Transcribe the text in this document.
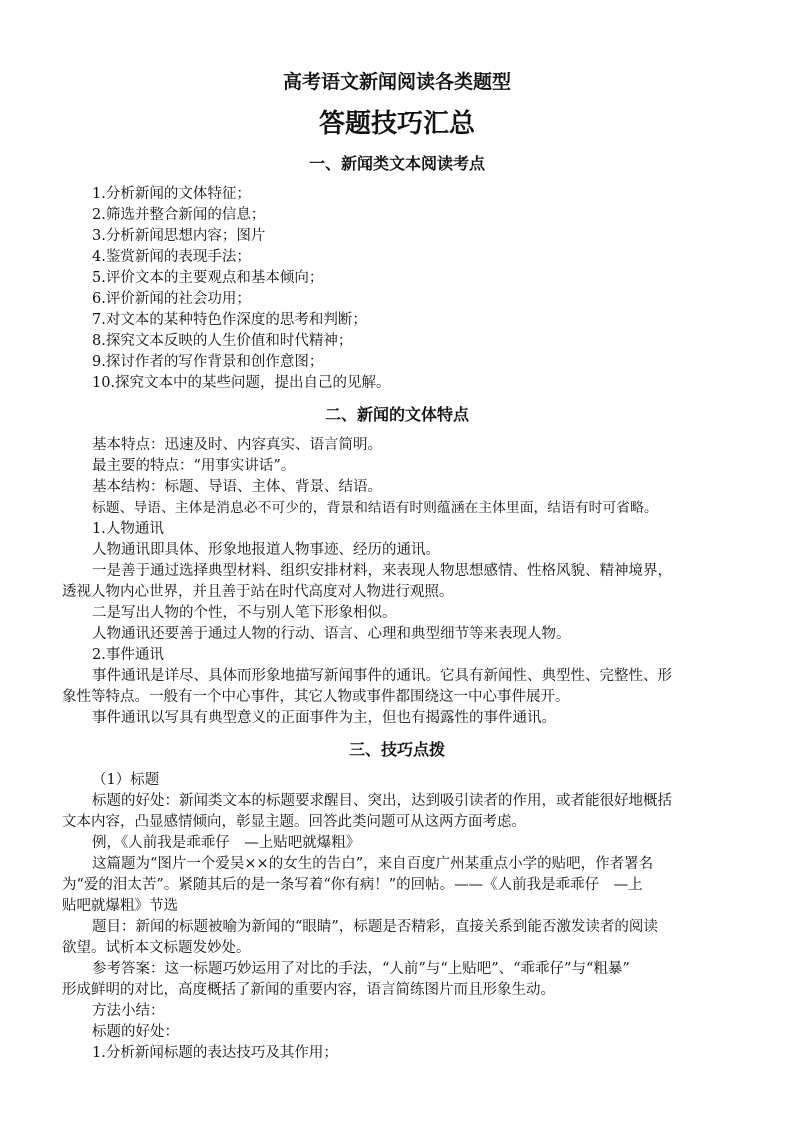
高考语文新闻阅读各类题型
答题技巧汇总
一、新闻类文本阅读考点
1.分析新闻的文体特征；
2.筛选并整合新闻的信息；
3.分析新闻思想内容；图片
4.鉴赏新闻的表现手法；
5.评价文本的主要观点和基本倾向；
6.评价新闻的社会功用；
7.对文本的某种特色作深度的思考和判断；
8.探究文本反映的人生价值和时代精神；
9.探讨作者的写作背景和创作意图；
10.探究文本中的某些问题，提出自己的见解。
二、新闻的文体特点
基本特点：迅速及时、内容真实、语言简明。
最主要的特点：“用事实讲话”。
基本结构：标题、导语、主体、背景、结语。
标题、导语、主体是消息必不可少的，背景和结语有时则蕴涵在主体里面，结语有时可省略。
1.人物通讯
人物通讯即具体、形象地报道人物事迹、经历的通讯。
一是善于通过选择典型材料、组织安排材料，来表现人物思想感情、性格风貌、精神境界，
透视人物内心世界，并且善于站在时代高度对人物进行观照。
二是写出人物的个性，不与别人笔下形象相似。
人物通讯还要善于通过人物的行动、语言、心理和典型细节等来表现人物。
2.事件通讯
事件通讯是详尽、具体而形象地描写新闻事件的通讯。它具有新闻性、典型性、完整性、形
象性等特点。一般有一个中心事件，其它人物或事件都围绕这一中心事件展开。
事件通讯以写具有典型意义的正面事件为主，但也有揭露性的事件通讯。
三、技巧点拨
（1）标题
标题的好处：新闻类文本的标题要求醒目、突出，达到吸引读者的作用，或者能很好地概括
文本内容，凸显感情倾向，彰显主题。回答此类问题可从这两方面考虑。
例，《人前我是乖乖仔　—上贴吧就爆粗》
这篇题为“图片一个爱吴××的女生的告白”，来自百度广州某重点小学的贴吧，作者署名
为“爱的泪太苦”。紧随其后的是一条写着“你有病！”的回帖。——《人前我是乖乖仔　—上
贴吧就爆粗》节选
题目：新闻的标题被喻为新闻的“眼睛”，标题是否精彩，直接关系到能否激发读者的阅读
欲望。试析本文标题发妙处。
参考答案：这一标题巧妙运用了对比的手法，“人前”与“上贴吧”、“乖乖仔”与“粗暴”
形成鲜明的对比，高度概括了新闻的重要内容，语言简练图片而且形象生动。
方法小结：
标题的好处：
1.分析新闻标题的表达技巧及其作用；
